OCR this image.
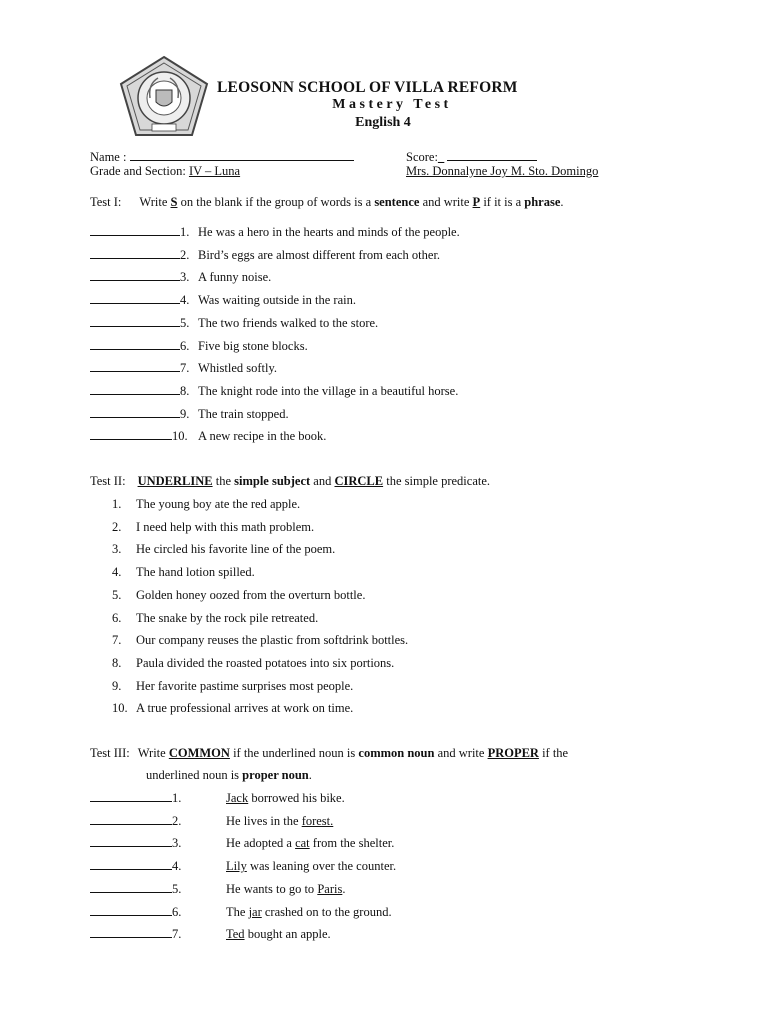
LEOSONN SCHOOL OF VILLA REFORM
Mastery Test
English 4
Name :	Score:_
Grade and Section: IV – Luna	Mrs. Donnalyne Joy M. Sto. Domingo
Test I: Write S on the blank if the group of words is a sentence and write P if it is a phrase.
1. He was a hero in the hearts and minds of the people.
2. Bird’s eggs are almost different from each other.
3. A funny noise.
4. Was waiting outside in the rain.
5. The two friends walked to the store.
6. Five big stone blocks.
7. Whistled softly.
8. The knight rode into the village in a beautiful horse.
9. The train stopped.
10. A new recipe in the book.
Test II: UNDERLINE the simple subject and CIRCLE the simple predicate.
1. The young boy ate the red apple.
2. I need help with this math problem.
3. He circled his favorite line of the poem.
4. The hand lotion spilled.
5. Golden honey oozed from the overturn bottle.
6. The snake by the rock pile retreated.
7. Our company reuses the plastic from softdrink bottles.
8. Paula divided the roasted potatoes into six portions.
9. Her favorite pastime surprises most people.
10. A true professional arrives at work on time.
Test III: Write COMMON if the underlined noun is common noun and write PROPER if the
underlined noun is proper noun.
1.	Jack borrowed his bike.
2.	He lives in the forest.
3.	He adopted a cat from the shelter.
4.	Lily was leaning over the counter.
5.	He wants to go to Paris.
6.	The jar crashed on to the ground.
7.	Ted bought an apple.
